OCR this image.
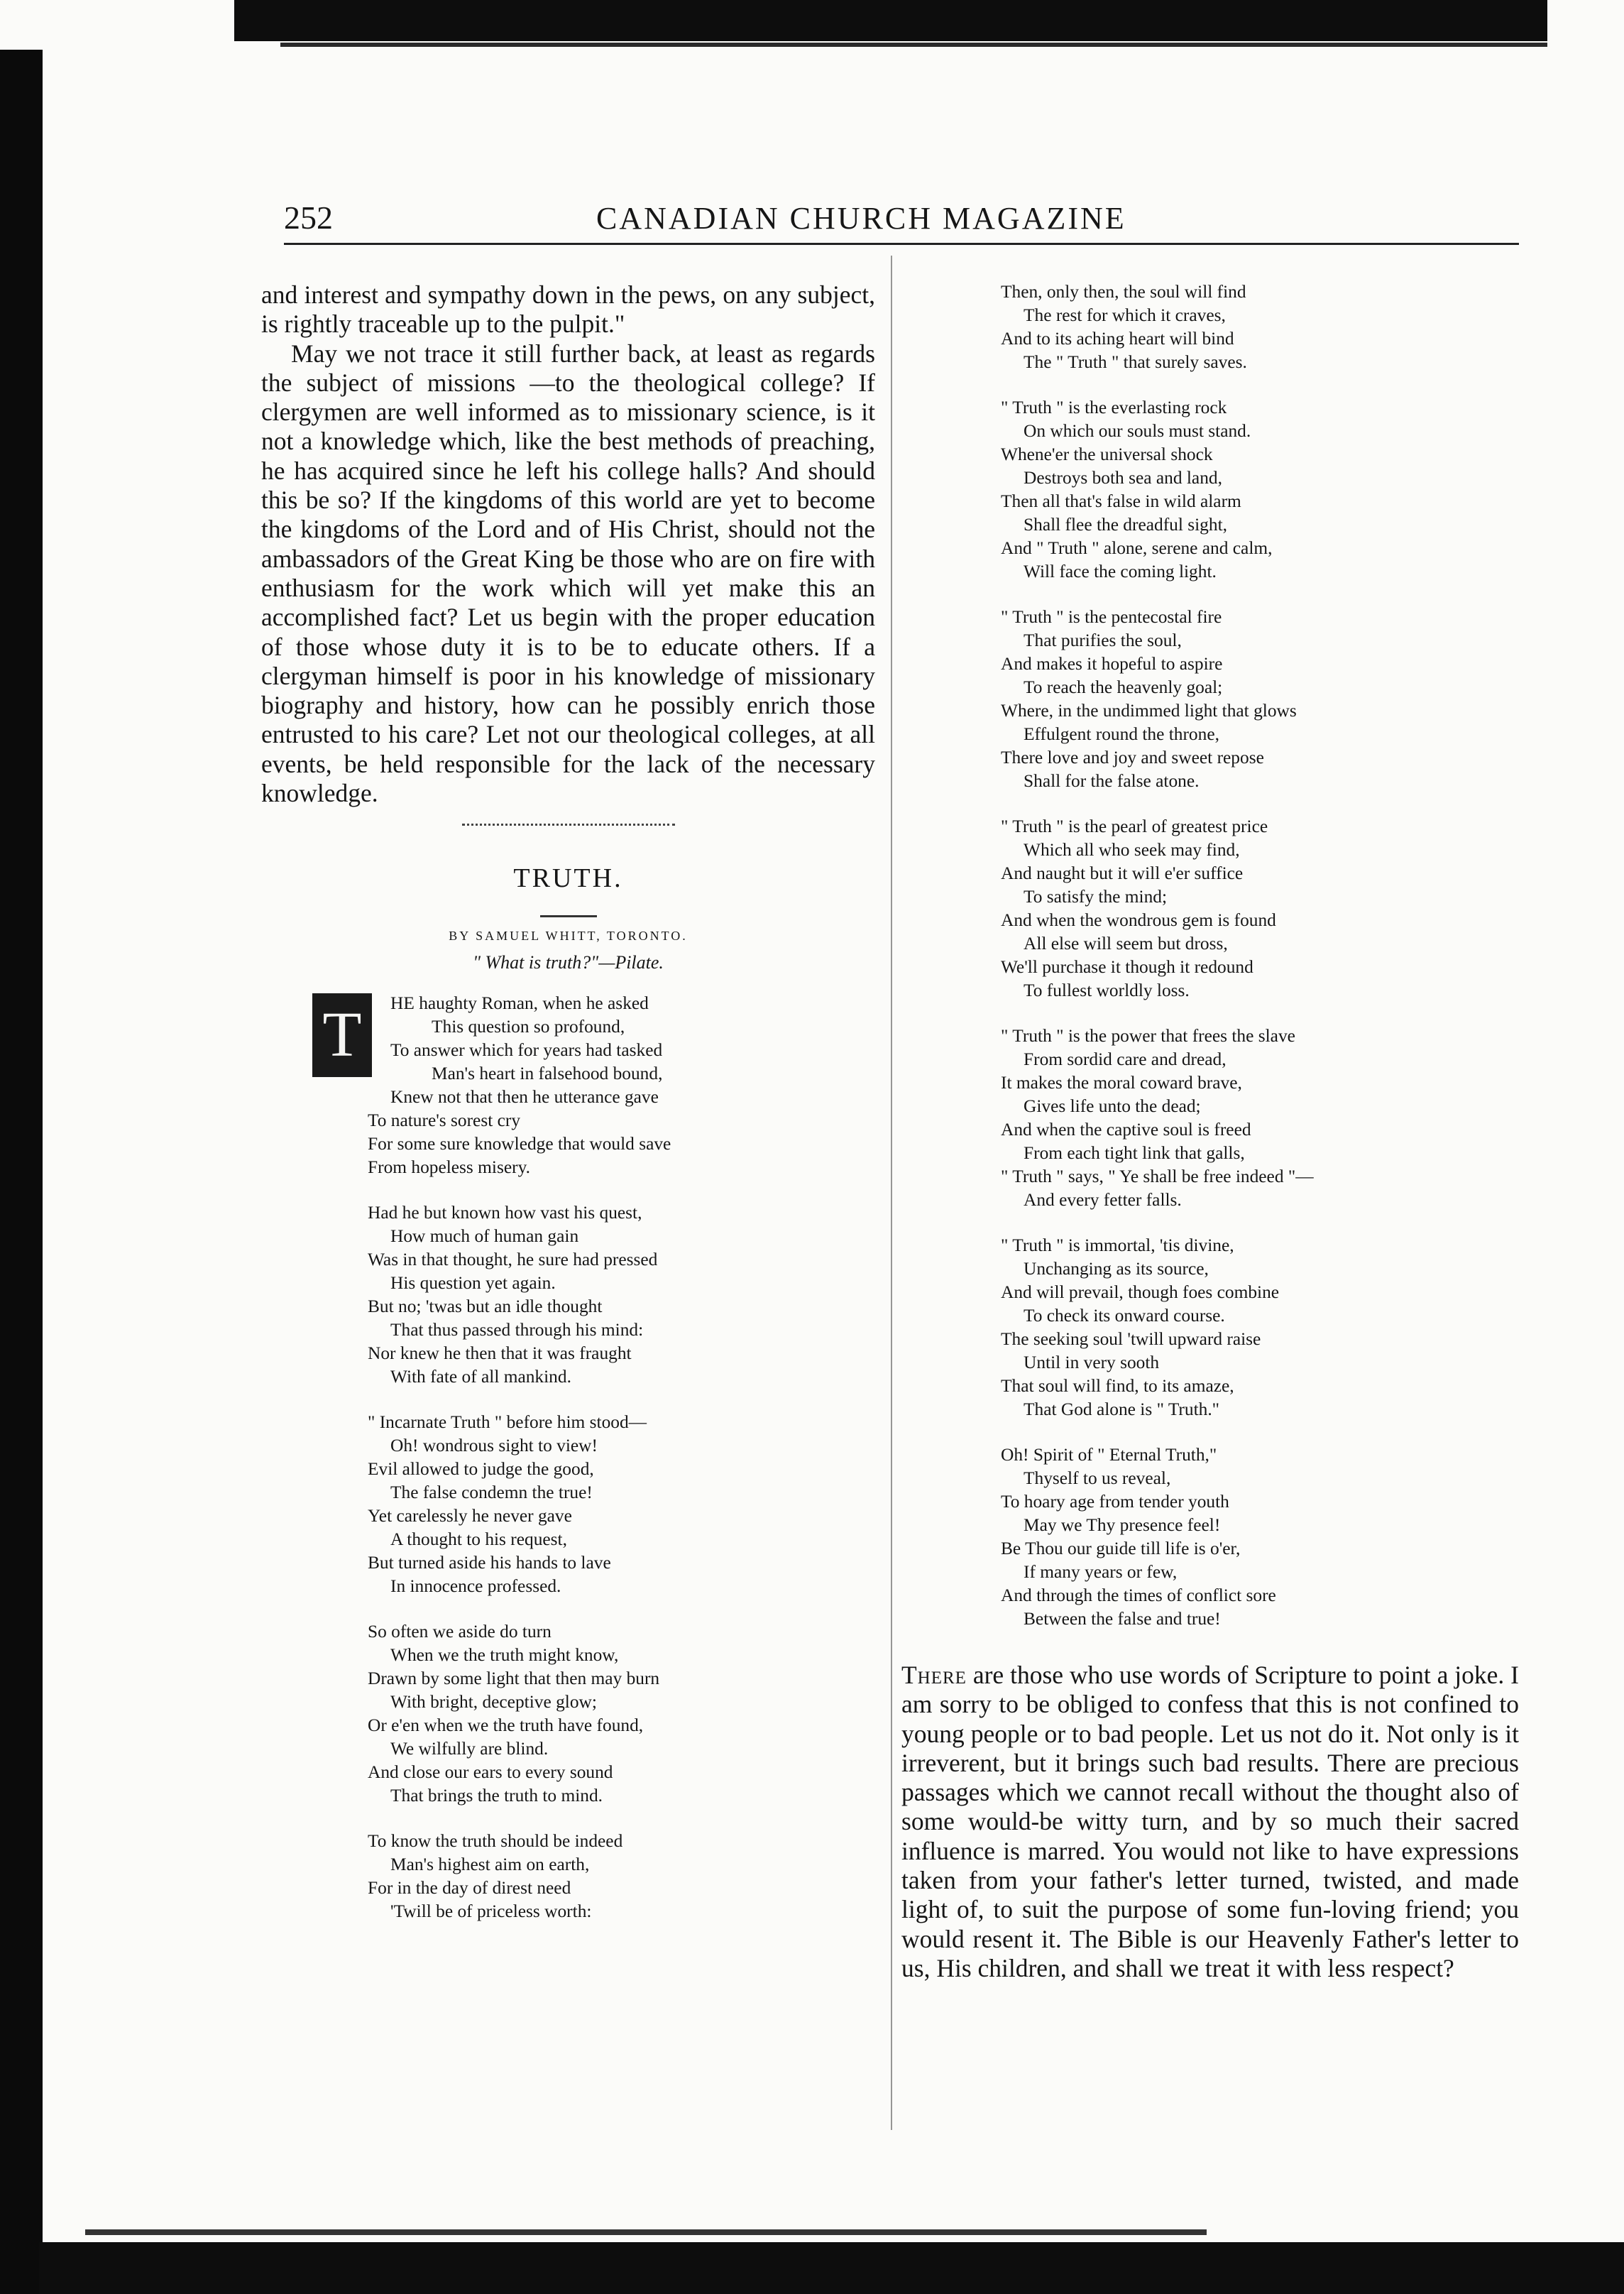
252	CANADIAN CHURCH MAGAZINE

and interest and sympathy down in the pews, on any subject, is rightly traceable up to the pulpit."

May we not trace it still further back, at least as regards the subject of missions —to the theological college? If clergymen are well informed as to missionary science, is it not a knowledge which, like the best methods of preaching, he has acquired since he left his college halls? And should this be so? If the kingdoms of this world are yet to become the kingdoms of the Lord and of His Christ, should not the ambassadors of the Great King be those who are on fire with enthusiasm for the work which will yet make this an accomplished fact? Let us begin with the proper education of those whose duty it is to be to educate others. If a clergyman himself is poor in his knowledge of missionary biography and history, how can he possibly enrich those entrusted to his care? Let not our theological colleges, at all events, be held responsible for the lack of the necessary knowledge.

TRUTH.
BY SAMUEL WHITT, TORONTO.
" What is truth?"—Pilate.
HE haughty Roman, when he asked
This question so profound,
To answer which for years had tasked
Man's heart in falsehood bound,
Knew not that then he utterance gave
To nature's sorest cry
For some sure knowledge that would save
From hopeless misery.
Had he but known how vast his quest,
How much of human gain
Was in that thought, he sure had pressed
His question yet again.
But no; 'twas but an idle thought
That thus passed through his mind:
Nor knew he then that it was fraught
With fate of all mankind.
" Incarnate Truth " before him stood—
Oh! wondrous sight to view!
Evil allowed to judge the good,
The false condemn the true!
Yet carelessly he never gave
A thought to his request,
But turned aside his hands to lave
In innocence professed.
So often we aside do turn
When we the truth might know,
Drawn by some light that then may burn
With bright, deceptive glow;
Or e'en when we the truth have found,
We wilfully are blind.
And close our ears to every sound
That brings the truth to mind.
To know the truth should be indeed
Man's highest aim on earth,
For in the day of direst need
'Twill be of priceless worth:
T
Then, only then, the soul will find
The rest for which it craves,
And to its aching heart will bind
The " Truth " that surely saves.
" Truth " is the everlasting rock
On which our souls must stand.
Whene'er the universal shock
Destroys both sea and land,
Then all that's false in wild alarm
Shall flee the dreadful sight,
And " Truth " alone, serene and calm,
Will face the coming light.
" Truth " is the pentecostal fire
That purifies the soul,
And makes it hopeful to aspire
To reach the heavenly goal;
Where, in the undimmed light that glows
Effulgent round the throne,
There love and joy and sweet repose
Shall for the false atone.
" Truth " is the pearl of greatest price
Which all who seek may find,
And naught but it will e'er suffice
To satisfy the mind;
And when the wondrous gem is found
All else will seem but dross,
We'll purchase it though it redound
To fullest worldly loss.
" Truth " is the power that frees the slave
From sordid care and dread,
It makes the moral coward brave,
Gives life unto the dead;
And when the captive soul is freed
From each tight link that galls,
" Truth " says, " Ye shall be free indeed "—
And every fetter falls.
" Truth " is immortal, 'tis divine,
Unchanging as its source,
And will prevail, though foes combine
To check its onward course.
The seeking soul 'twill upward raise
Until in very sooth
That soul will find, to its amaze,
That God alone is " Truth."
Oh! Spirit of " Eternal Truth,"
Thyself to us reveal,
To hoary age from tender youth
May we Thy presence feel!
Be Thou our guide till life is o'er,
If many years or few,
And through the times of conflict sore
Between the false and true!

There are those who use words of Scripture to point a joke. I am sorry to be obliged to confess that this is not confined to young people or to bad people. Let us not do it. Not only is it irreverent, but it brings such bad results. There are precious passages which we cannot recall without the thought also of some would-be witty turn, and by so much their sacred influence is marred. You would not like to have expressions taken from your father's letter turned, twisted, and made light of, to suit the purpose of some fun-loving friend; you would resent it. The Bible is our Heavenly Father's letter to us, His children, and shall we treat it with less respect?
